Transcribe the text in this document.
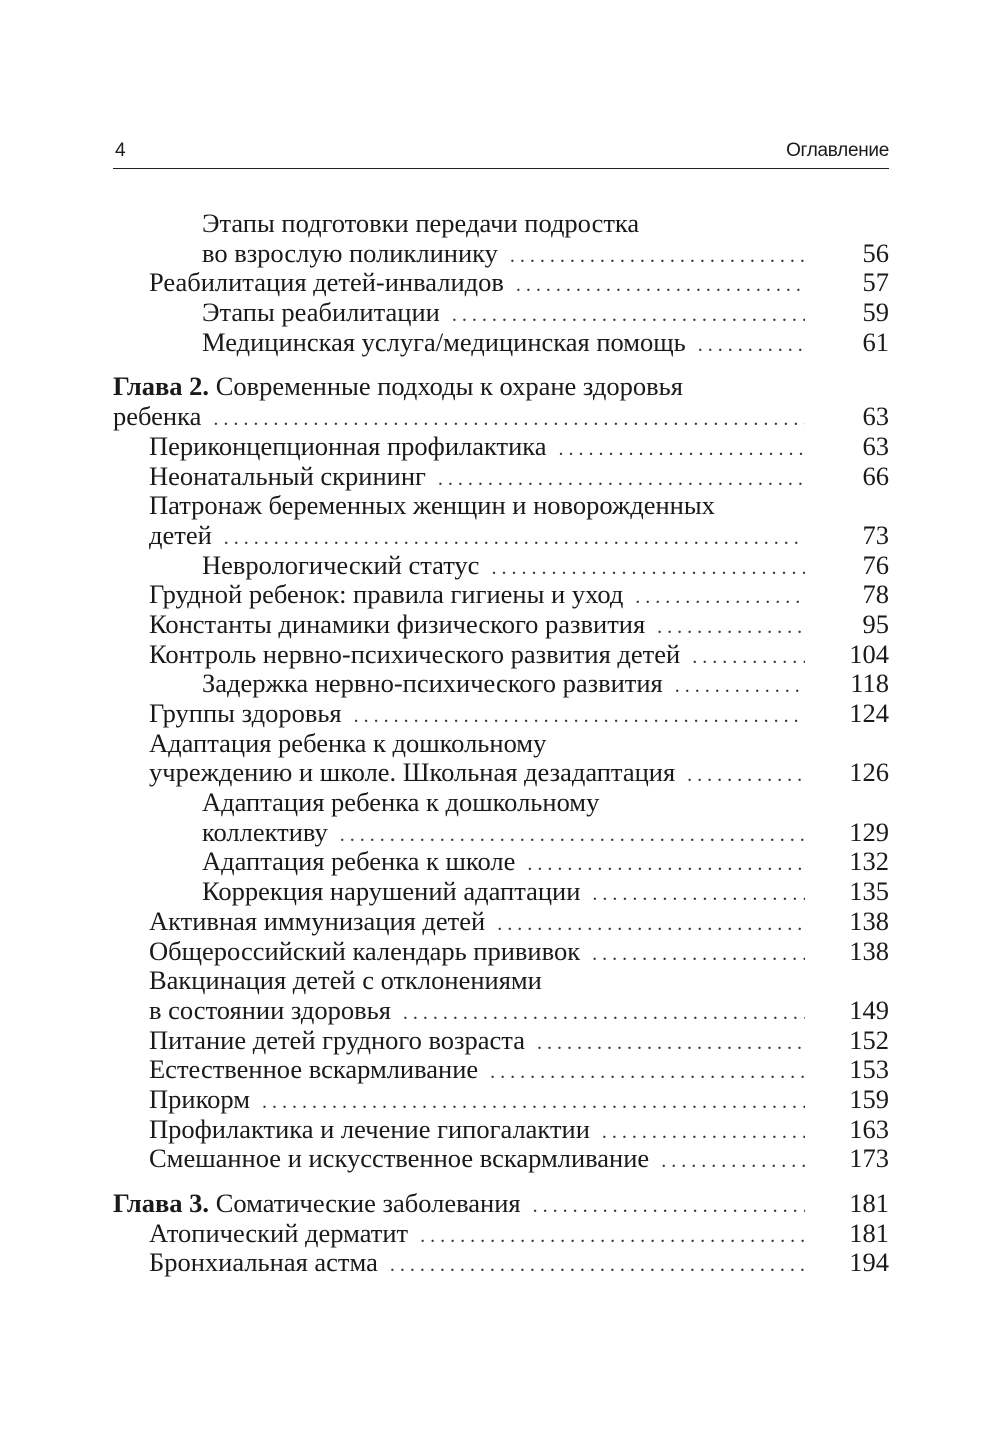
4	Оглавление
Этапы подготовки передачи подростка
во взрослую поликлинику . . .	56
Реабилитация детей-инвалидов . . .	57
Этапы реабилитации . . .	59
Медицинская услуга/медицинская помощь . . .	61
Глава 2. Современные подходы к охране здоровья
ребенка . . .	63
Периконцепционная профилактика . . .	63
Неонатальный скрининг . . .	66
Патронаж беременных женщин и новорожденных
детей . . .	73
Неврологический статус . . .	76
Грудной ребенок: правила гигиены и уход . . .	78
Константы динамики физического развития . . .	95
Контроль нервно-психического развития детей . . .	104
Задержка нервно-психического развития . . .	118
Группы здоровья . . .	124
Адаптация ребенка к дошкольному
учреждению и школе. Школьная дезадаптация . . .	126
Адаптация ребенка к дошкольному
коллективу . . .	129
Адаптация ребенка к школе . . .	132
Коррекция нарушений адаптации . . .	135
Активная иммунизация детей . . .	138
Общероссийский календарь прививок . . .	138
Вакцинация детей с отклонениями
в состоянии здоровья . . .	149
Питание детей грудного возраста . . .	152
Естественное вскармливание . . .	153
Прикорм . . .	159
Профилактика и лечение гипогалактии . . .	163
Смешанное и искусственное вскармливание . . .	173
Глава 3. Соматические заболевания . . .	181
Атопический дерматит . . .	181
Бронхиальная астма . . .	194
